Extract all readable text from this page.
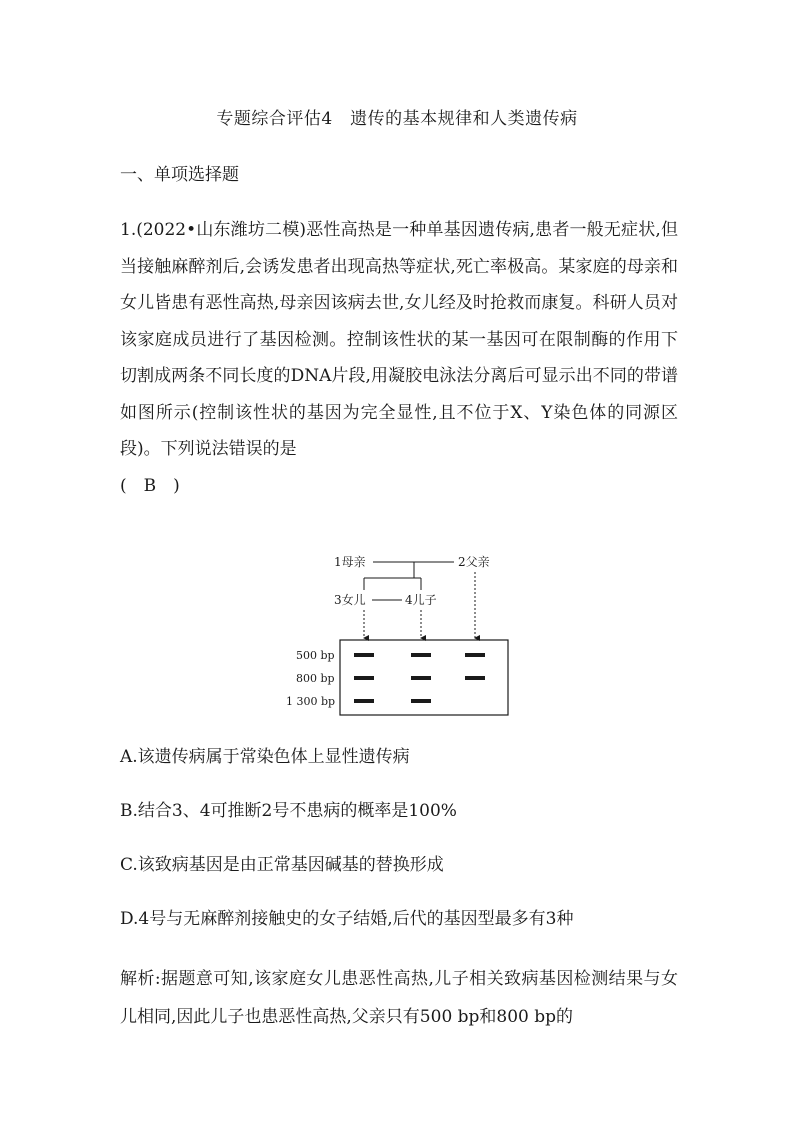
专题综合评估4　遗传的基本规律和人类遗传病
一、单项选择题
1.(2022•山东潍坊二模)恶性高热是一种单基因遗传病,患者一般无症状,但当接触麻醉剂后,会诱发患者出现高热等症状,死亡率极高。某家庭的母亲和女儿皆患有恶性高热,母亲因该病去世,女儿经及时抢救而康复。科研人员对该家庭成员进行了基因检测。控制该性状的某一基因可在限制酶的作用下切割成两条不同长度的DNA片段,用凝胶电泳法分离后可显示出不同的带谱如图所示(控制该性状的基因为完全显性,且不位于X、Y染色体的同源区段)。下列说法错误的是
(　B　)
1母亲	2父亲
3女儿	4儿子
500 bp
800 bp
1 300 bp
A.该遗传病属于常染色体上显性遗传病
B.结合3、4可推断2号不患病的概率是100%
C.该致病基因是由正常基因碱基的替换形成
D.4号与无麻醉剂接触史的女子结婚,后代的基因型最多有3种
解析:据题意可知,该家庭女儿患恶性高热,儿子相关致病基因检测结果与女儿相同,因此儿子也患恶性高热,父亲只有500 bp和800 bp的
